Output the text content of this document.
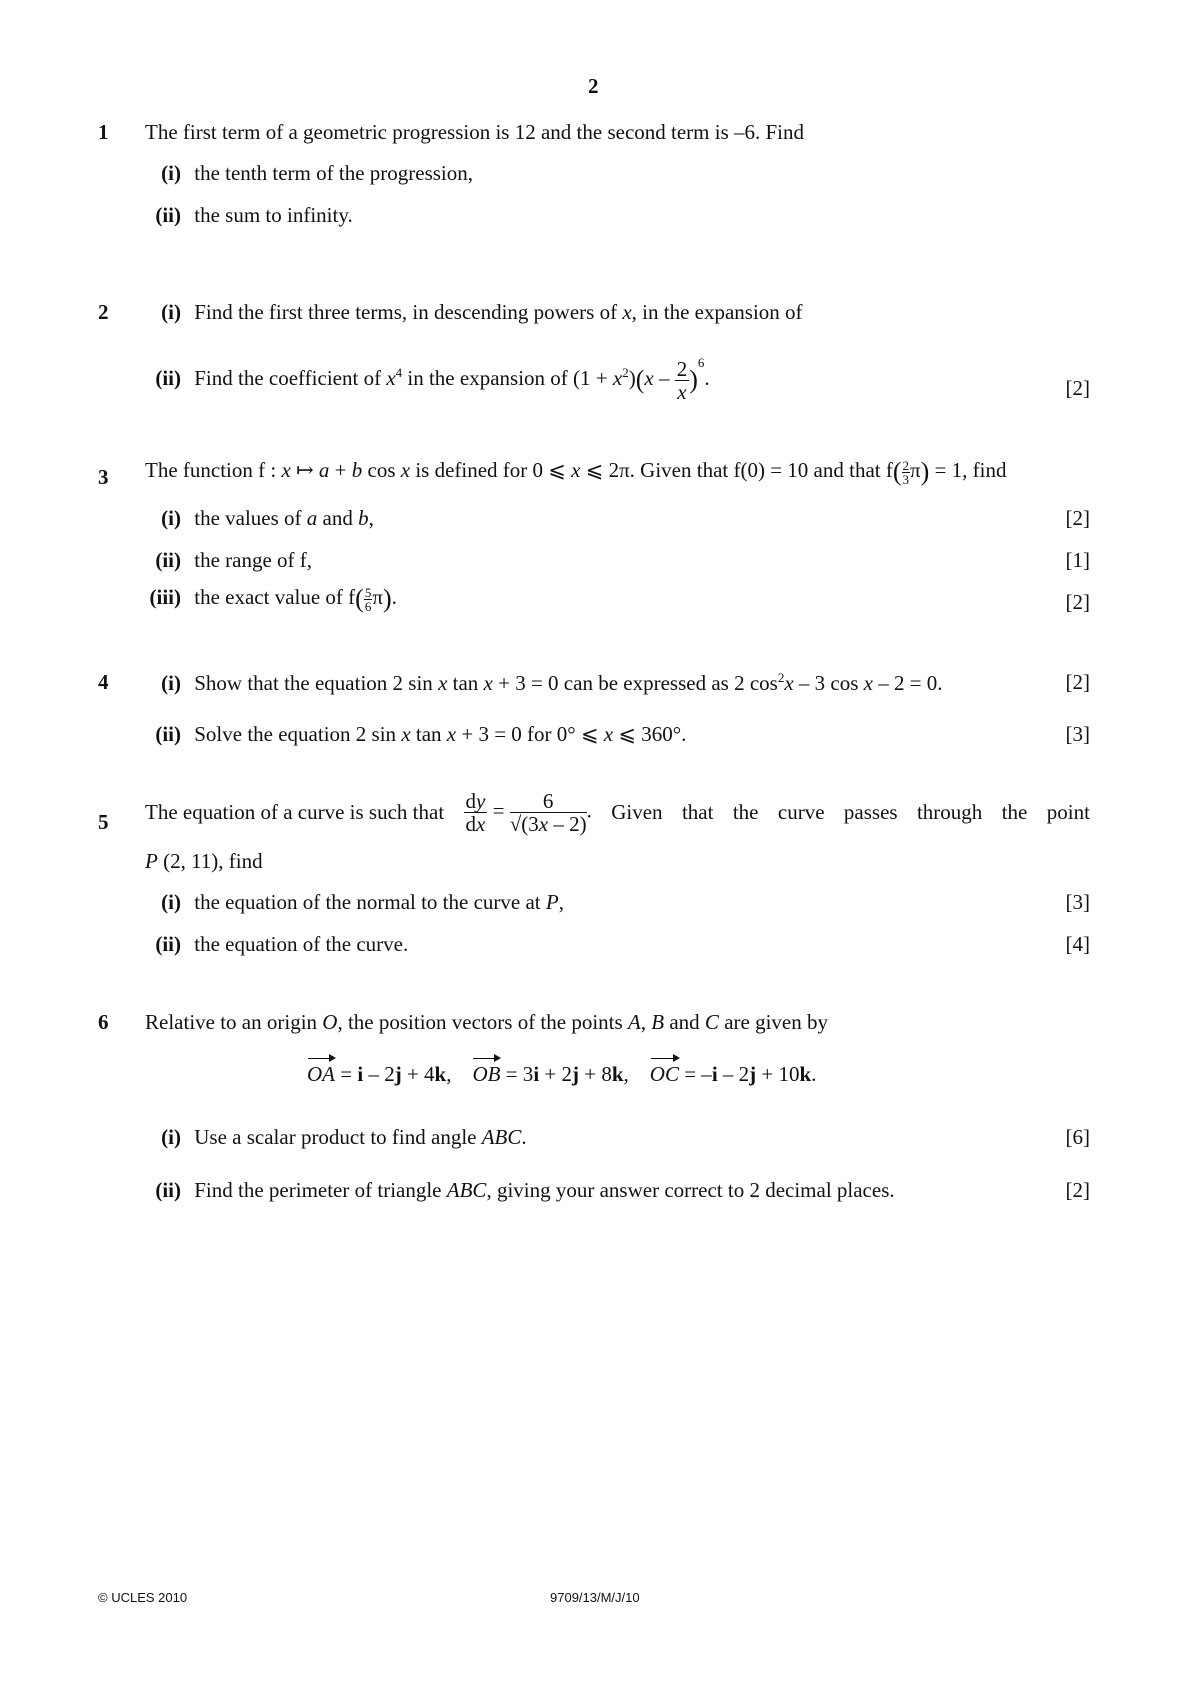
2
1 The first term of a geometric progression is 12 and the second term is –6. Find
(i) the tenth term of the progression,
(ii) the sum to infinity.
2	(i) Find the first three terms, in descending powers of x, in the expansion of
(ii) Find the coefficient of $x^4$ in the expansion of $(1 + x^2)(x - \frac{2}{x} )^6$.	[2]
3 The function f : x ↦ a + b cos x is defined for 0 ⩽ x ⩽ 2π. Given that f(0) = 10 and that $f( \frac{2}{3} \pi) = 1$, find
(i) the values of a and b,	[2]
(ii) the range of f,	[1]
(iii) the exact value of $f( \frac{5}{6} \pi)$.	[2]
4	(i) Show that the equation 2 sin x tan x + 3 = 0 can be expressed as 2 $\cos^2x - 3$ cos x – 2 = 0.	[2]
(ii) Solve the equation 2 sin x tan x + 3 = 0 for 0° ⩽ x ⩽ 360°.	[3]
5 The equation of a curve is such that $\frac{dy}{dx} = \frac{6}{√(3x - 2)}$ . Given that the curve passes through the point
P (2, 11), find
(i) the equation of the normal to the curve at P,	[3]
(ii) the equation of the curve.	[4]
6 Relative to an origin O, the position vectors of the points A, B and C are given by
OA = i – 2j + 4k,    OB = 3i + 2j + 8k,    OC = –i – 2j + 10k.
(i) Use a scalar product to find angle ABC.	[6]
(ii) Find the perimeter of triangle ABC, giving your answer correct to 2 decimal places.	[2]
© UCLES 2010	9709/13/M/J/10
